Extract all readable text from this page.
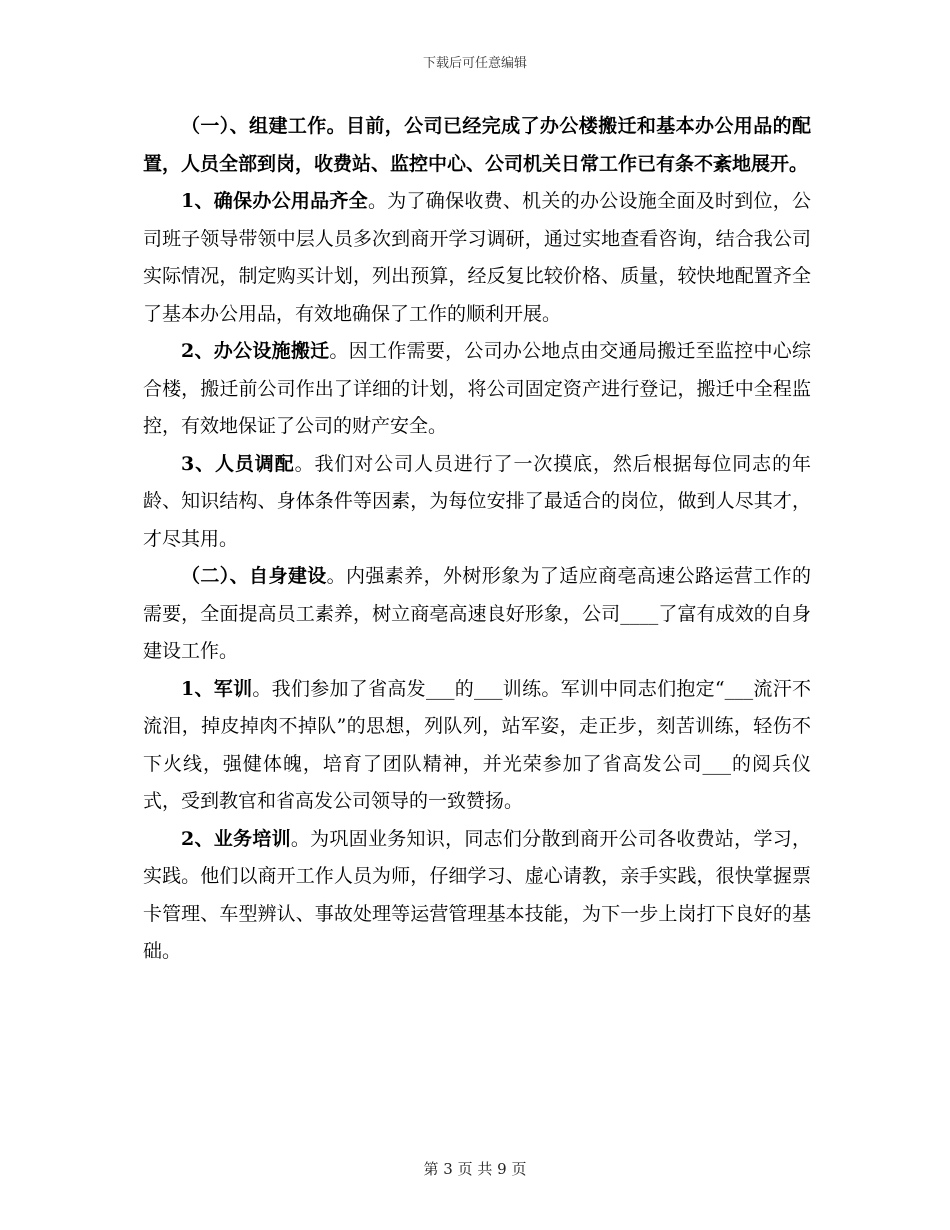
下载后可任意编辑

（一）、组建工作。目前，公司已经完成了办公楼搬迁和基本办公用品的配置，人员全部到岗，收费站、监控中心、公司机关日常工作已有条不紊地展开。

1、确保办公用品齐全。为了确保收费、机关的办公设施全面及时到位，公司班子领导带领中层人员多次到商开学习调研，通过实地查看咨询，结合我公司实际情况，制定购买计划，列出预算，经反复比较价格、质量，较快地配置齐全了基本办公用品，有效地确保了工作的顺利开展。

2、办公设施搬迁。因工作需要，公司办公地点由交通局搬迁至监控中心综合楼，搬迁前公司作出了详细的计划，将公司固定资产进行登记，搬迁中全程监控，有效地保证了公司的财产安全。

3、人员调配。我们对公司人员进行了一次摸底，然后根据每位同志的年龄、知识结构、身体条件等因素，为每位安排了最适合的岗位，做到人尽其才，才尽其用。

（二）、自身建设。内强素养，外树形象为了适应商亳高速公路运营工作的需要，全面提高员工素养，树立商亳高速良好形象，公司____了富有成效的自身建设工作。

1、军训。我们参加了省高发___的___训练。军训中同志们抱定“___流汗不流泪，掉皮掉肉不掉队”的思想，列队列，站军姿，走正步，刻苦训练，轻伤不下火线，强健体魄，培育了团队精神，并光荣参加了省高发公司___的阅兵仪式，受到教官和省高发公司领导的一致赞扬。

2、业务培训。为巩固业务知识，同志们分散到商开公司各收费站，学习，实践。他们以商开工作人员为师，仔细学习、虚心请教，亲手实践，很快掌握票卡管理、车型辨认、事故处理等运营管理基本技能，为下一步上岗打下良好的基础。

第 3 页 共 9 页
